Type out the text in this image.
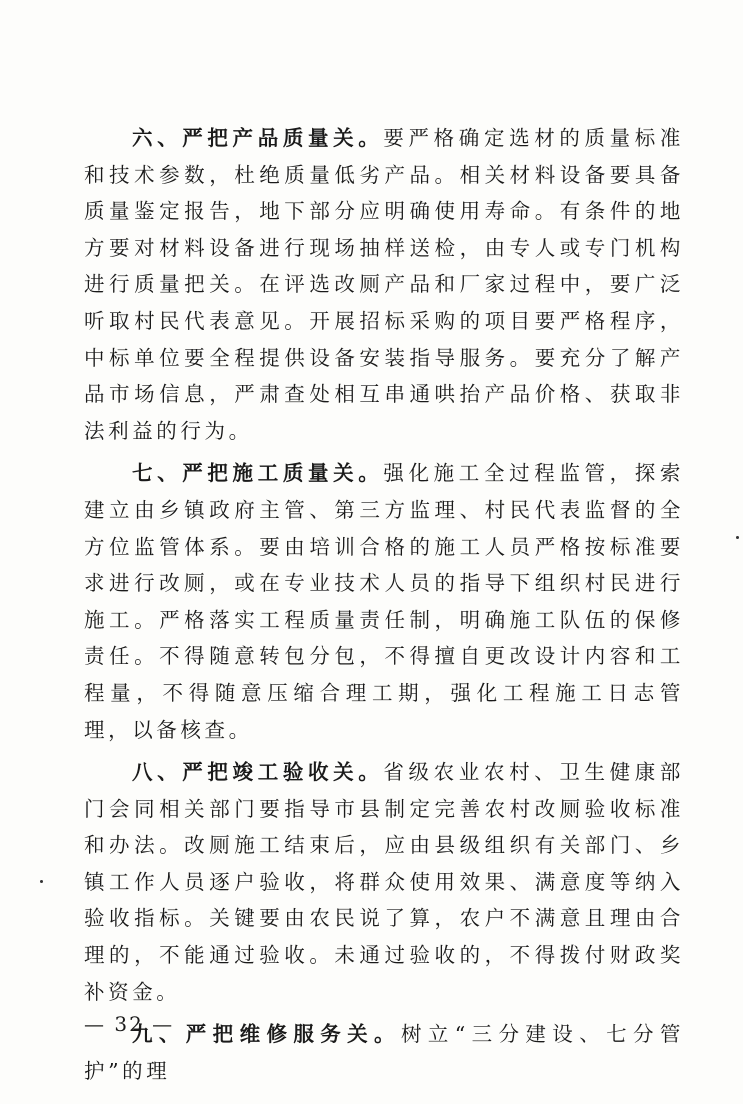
六、严把产品质量关。要严格确定选材的质量标准和技术参数，杜绝质量低劣产品。相关材料设备要具备质量鉴定报告，地下部分应明确使用寿命。有条件的地方要对材料设备进行现场抽样送检，由专人或专门机构进行质量把关。在评选改厕产品和厂家过程中，要广泛听取村民代表意见。开展招标采购的项目要严格程序，中标单位要全程提供设备安装指导服务。要充分了解产品市场信息，严肃查处相互串通哄抬产品价格、获取非法利益的行为。

七、严把施工质量关。强化施工全过程监管，探索建立由乡镇政府主管、第三方监理、村民代表监督的全方位监管体系。要由培训合格的施工人员严格按标准要求进行改厕，或在专业技术人员的指导下组织村民进行施工。严格落实工程质量责任制，明确施工队伍的保修责任。不得随意转包分包，不得擅自更改设计内容和工程量，不得随意压缩合理工期，强化工程施工日志管理，以备核查。

八、严把竣工验收关。省级农业农村、卫生健康部门会同相关部门要指导市县制定完善农村改厕验收标准和办法。改厕施工结束后，应由县级组织有关部门、乡镇工作人员逐户验收，将群众使用效果、满意度等纳入验收指标。关键要由农民说了算，农户不满意且理由合理的，不能通过验收。未通过验收的，不得拨付财政奖补资金。

九、严把维修服务关。树立“三分建设、七分管护”的理

— 32 —
